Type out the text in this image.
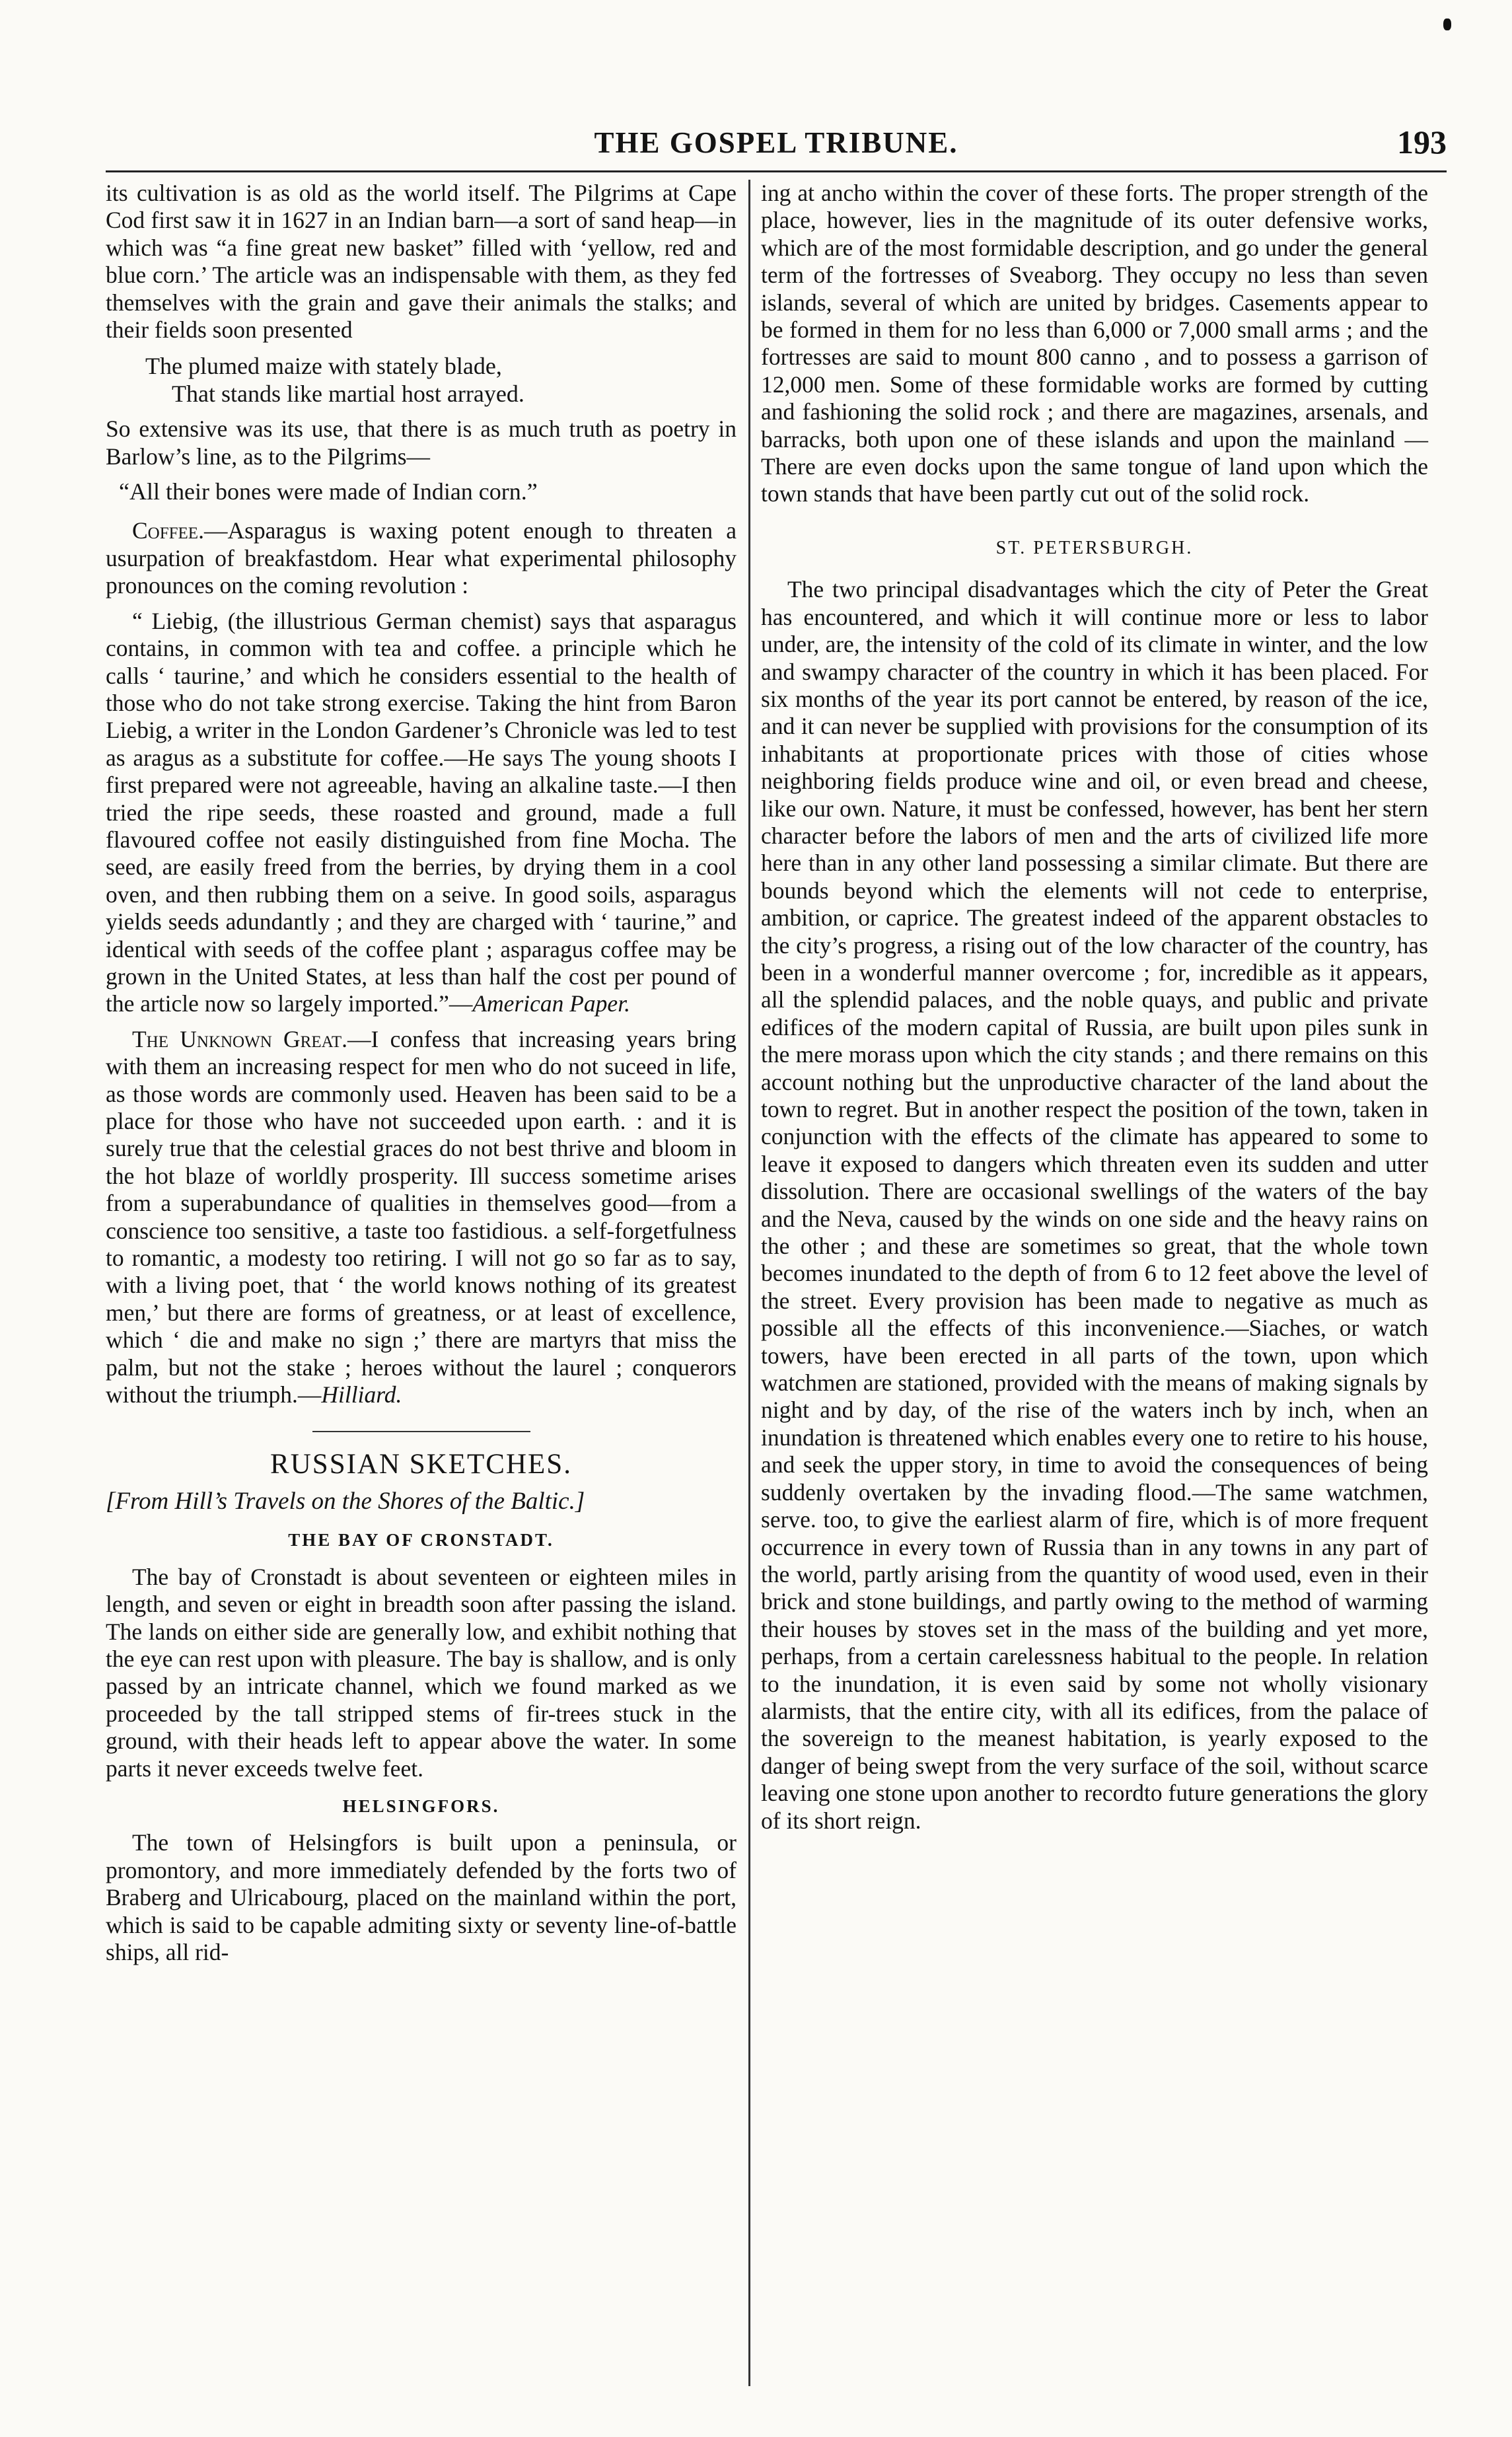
THE GOSPEL TRIBUNE.	193

its cultivation is as old as the world itself. The Pilgrims at Cape Cod first saw it in 1627 in an Indian barn—a sort of sand heap—in which was “a fine great new basket” filled with ‘yellow, red and blue corn.’ The article was an indispensable with them, as they fed themselves with the grain and gave their animals the stalks; and their fields soon presented

The plumed maize with stately blade,
That stands like martial host arrayed.

So extensive was its use, that there is as much truth as poetry in Barlow’s line, as to the Pilgrims—

“All their bones were made of Indian corn.”

Coffee.—Asparagus is waxing potent enough to threaten a usurpation of breakfastdom. Hear what experimental philosophy pronounces on the coming revolution :

“ Liebig, (the illustrious German chemist) says that asparagus contains, in common with tea and coffee. a principle which he calls ‘ taurine,’ and which he considers essential to the health of those who do not take strong exercise. Taking the hint from Baron Liebig, a writer in the London Gardener’s Chronicle was led to test as aragus as a substitute for coffee.—He says The young shoots I first prepared were not agreeable, having an alkaline taste.—I then tried the ripe seeds, these roasted and ground, made a full flavoured coffee not easily distinguished from fine Mocha. The seed, are easily freed from the berries, by drying them in a cool oven, and then rubbing them on a seive. In good soils, asparagus yields seeds adundantly ; and they are charged with ‘ taurine,” and identical with seeds of the coffee plant ; asparagus coffee may be grown in the United States, at less than half the cost per pound of the article now so largely imported.”—American Paper.

The Unknown Great.—I confess that increasing years bring with them an increasing respect for men who do not suceed in life, as those words are commonly used. Heaven has been said to be a place for those who have not succeeded upon earth. : and it is surely true that the celestial graces do not best thrive and bloom in the hot blaze of worldly prosperity. Ill success sometime arises from a superabundance of qualities in themselves good—from a conscience too sensitive, a taste too fastidious. a self-forgetfulness to romantic, a modesty too retiring. I will not go so far as to say, with a living poet, that ‘ the world knows nothing of its greatest men,’ but there are forms of greatness, or at least of excellence, which ‘ die and make no sign ;’ there are martyrs that miss the palm, but not the stake ; heroes without the laurel ; conquerors without the triumph.—Hilliard.

RUSSIAN SKETCHES.
[From Hill’s Travels on the Shores of the Baltic.]
THE BAY OF CRONSTADT.

The bay of Cronstadt is about seventeen or eighteen miles in length, and seven or eight in breadth soon after passing the island. The lands on either side are generally low, and exhibit nothing that the eye can rest upon with pleasure. The bay is shallow, and is only passed by an intricate channel, which we found marked as we proceeded by the tall stripped stems of fir-trees stuck in the ground, with their heads left to appear above the water. In some parts it never exceeds twelve feet.

HELSINGFORS.

The town of Helsingfors is built upon a peninsula, or promontory, and more immediately defended by the forts two of Braberg and Ulricabourg, placed on the mainland within the port, which is said to be capable admiting sixty or seventy line-of-battle ships, all rid-

ing at ancho within the cover of these forts. The proper strength of the place, however, lies in the magnitude of its outer defensive works, which are of the most formidable description, and go under the general term of the fortresses of Sveaborg. They occupy no less than seven islands, several of which are united by bridges. Casements appear to be formed in them for no less than 6,000 or 7,000 small arms ; and the fortresses are said to mount 800 canno , and to possess a garrison of 12,000 men. Some of these formidable works are formed by cutting and fashioning the solid rock ; and there are magazines, arsenals, and barracks, both upon one of these islands and upon the mainland —There are even docks upon the same tongue of land upon which the town stands that have been partly cut out of the solid rock.

ST. PETERSBURGH.

The two principal disadvantages which the city of Peter the Great has encountered, and which it will continue more or less to labor under, are, the intensity of the cold of its climate in winter, and the low and swampy character of the country in which it has been placed. For six months of the year its port cannot be entered, by reason of the ice, and it can never be supplied with provisions for the consumption of its inhabitants at proportionate prices with those of cities whose neighboring fields produce wine and oil, or even bread and cheese, like our own. Nature, it must be confessed, however, has bent her stern character before the labors of men and the arts of civilized life more here than in any other land possessing a similar climate. But there are bounds beyond which the elements will not cede to enterprise, ambition, or caprice. The greatest indeed of the apparent obstacles to the city’s progress, a rising out of the low character of the country, has been in a wonderful manner overcome ; for, incredible as it appears, all the splendid palaces, and the noble quays, and public and private edifices of the modern capital of Russia, are built upon piles sunk in the mere morass upon which the city stands ; and there remains on this account nothing but the unproductive character of the land about the town to regret. But in another respect the position of the town, taken in conjunction with the effects of the climate has appeared to some to leave it exposed to dangers which threaten even its sudden and utter dissolution. There are occasional swellings of the waters of the bay and the Neva, caused by the winds on one side and the heavy rains on the other ; and these are sometimes so great, that the whole town becomes inundated to the depth of from 6 to 12 feet above the level of the street. Every provision has been made to negative as much as possible all the effects of this inconvenience.—Siaches, or watch towers, have been erected in all parts of the town, upon which watchmen are stationed, provided with the means of making signals by night and by day, of the rise of the waters inch by inch, when an inundation is threatened which enables every one to retire to his house, and seek the upper story, in time to avoid the consequences of being suddenly overtaken by the invading flood.—The same watchmen, serve. too, to give the earliest alarm of fire, which is of more frequent occurrence in every town of Russia than in any towns in any part of the world, partly arising from the quantity of wood used, even in their brick and stone buildings, and partly owing to the method of warming their houses by stoves set in the mass of the building and yet more, perhaps, from a certain carelessness habitual to the people. In relation to the inundation, it is even said by some not wholly visionary alarmists, that the entire city, with all its edifices, from the palace of the sovereign to the meanest habitation, is yearly exposed to the danger of being swept from the very surface of the soil, without scarce leaving one stone upon another to recordto future generations the glory of its short reign.
